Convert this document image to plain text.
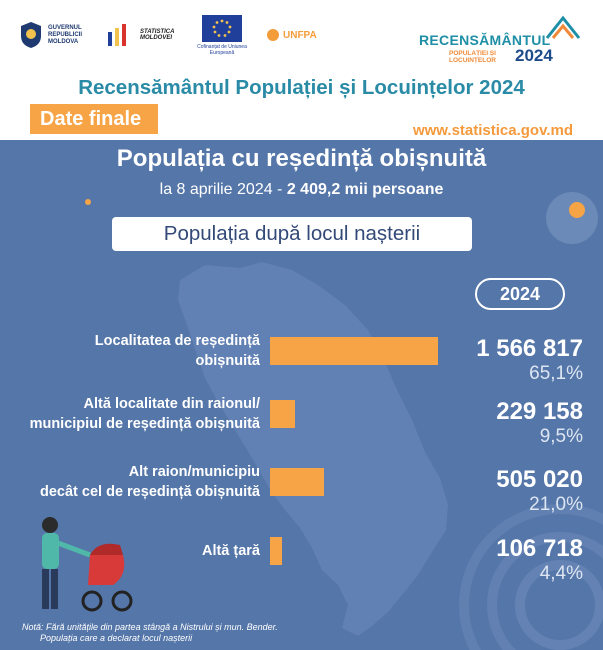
GUVERNUL REPUBLICII MOLDOVA
STATISTICA MOLDOVEI
Cofinanțat de Uniunea Europeană
UNFPA	RECENSĂMÂNTUL
POPULAȚIEI ȘI LOCUINȚELOR	2024
Recensământul Populației și Locuințelor 2024
Date finale
www.statistica.gov.md
Populația cu reședință obișnuită
la 8 aprilie 2024 - 2 409,2 mii persoane
Populația după locul nașterii
2024
Localitatea de reședință
obișnuită	1 566 817
65,1%
Altă localitate din raionul/
municipiul de reședință obișnuită	229 158
9,5%
Alt raion/municipiu
decât cel de reședință obișnuită	505 020
21,0%
Altă țară	106 718
4,4%
Notă: Fără unitățile din partea stângă a Nistrului și mun. Bender.
Populația care a declarat locul nașterii
